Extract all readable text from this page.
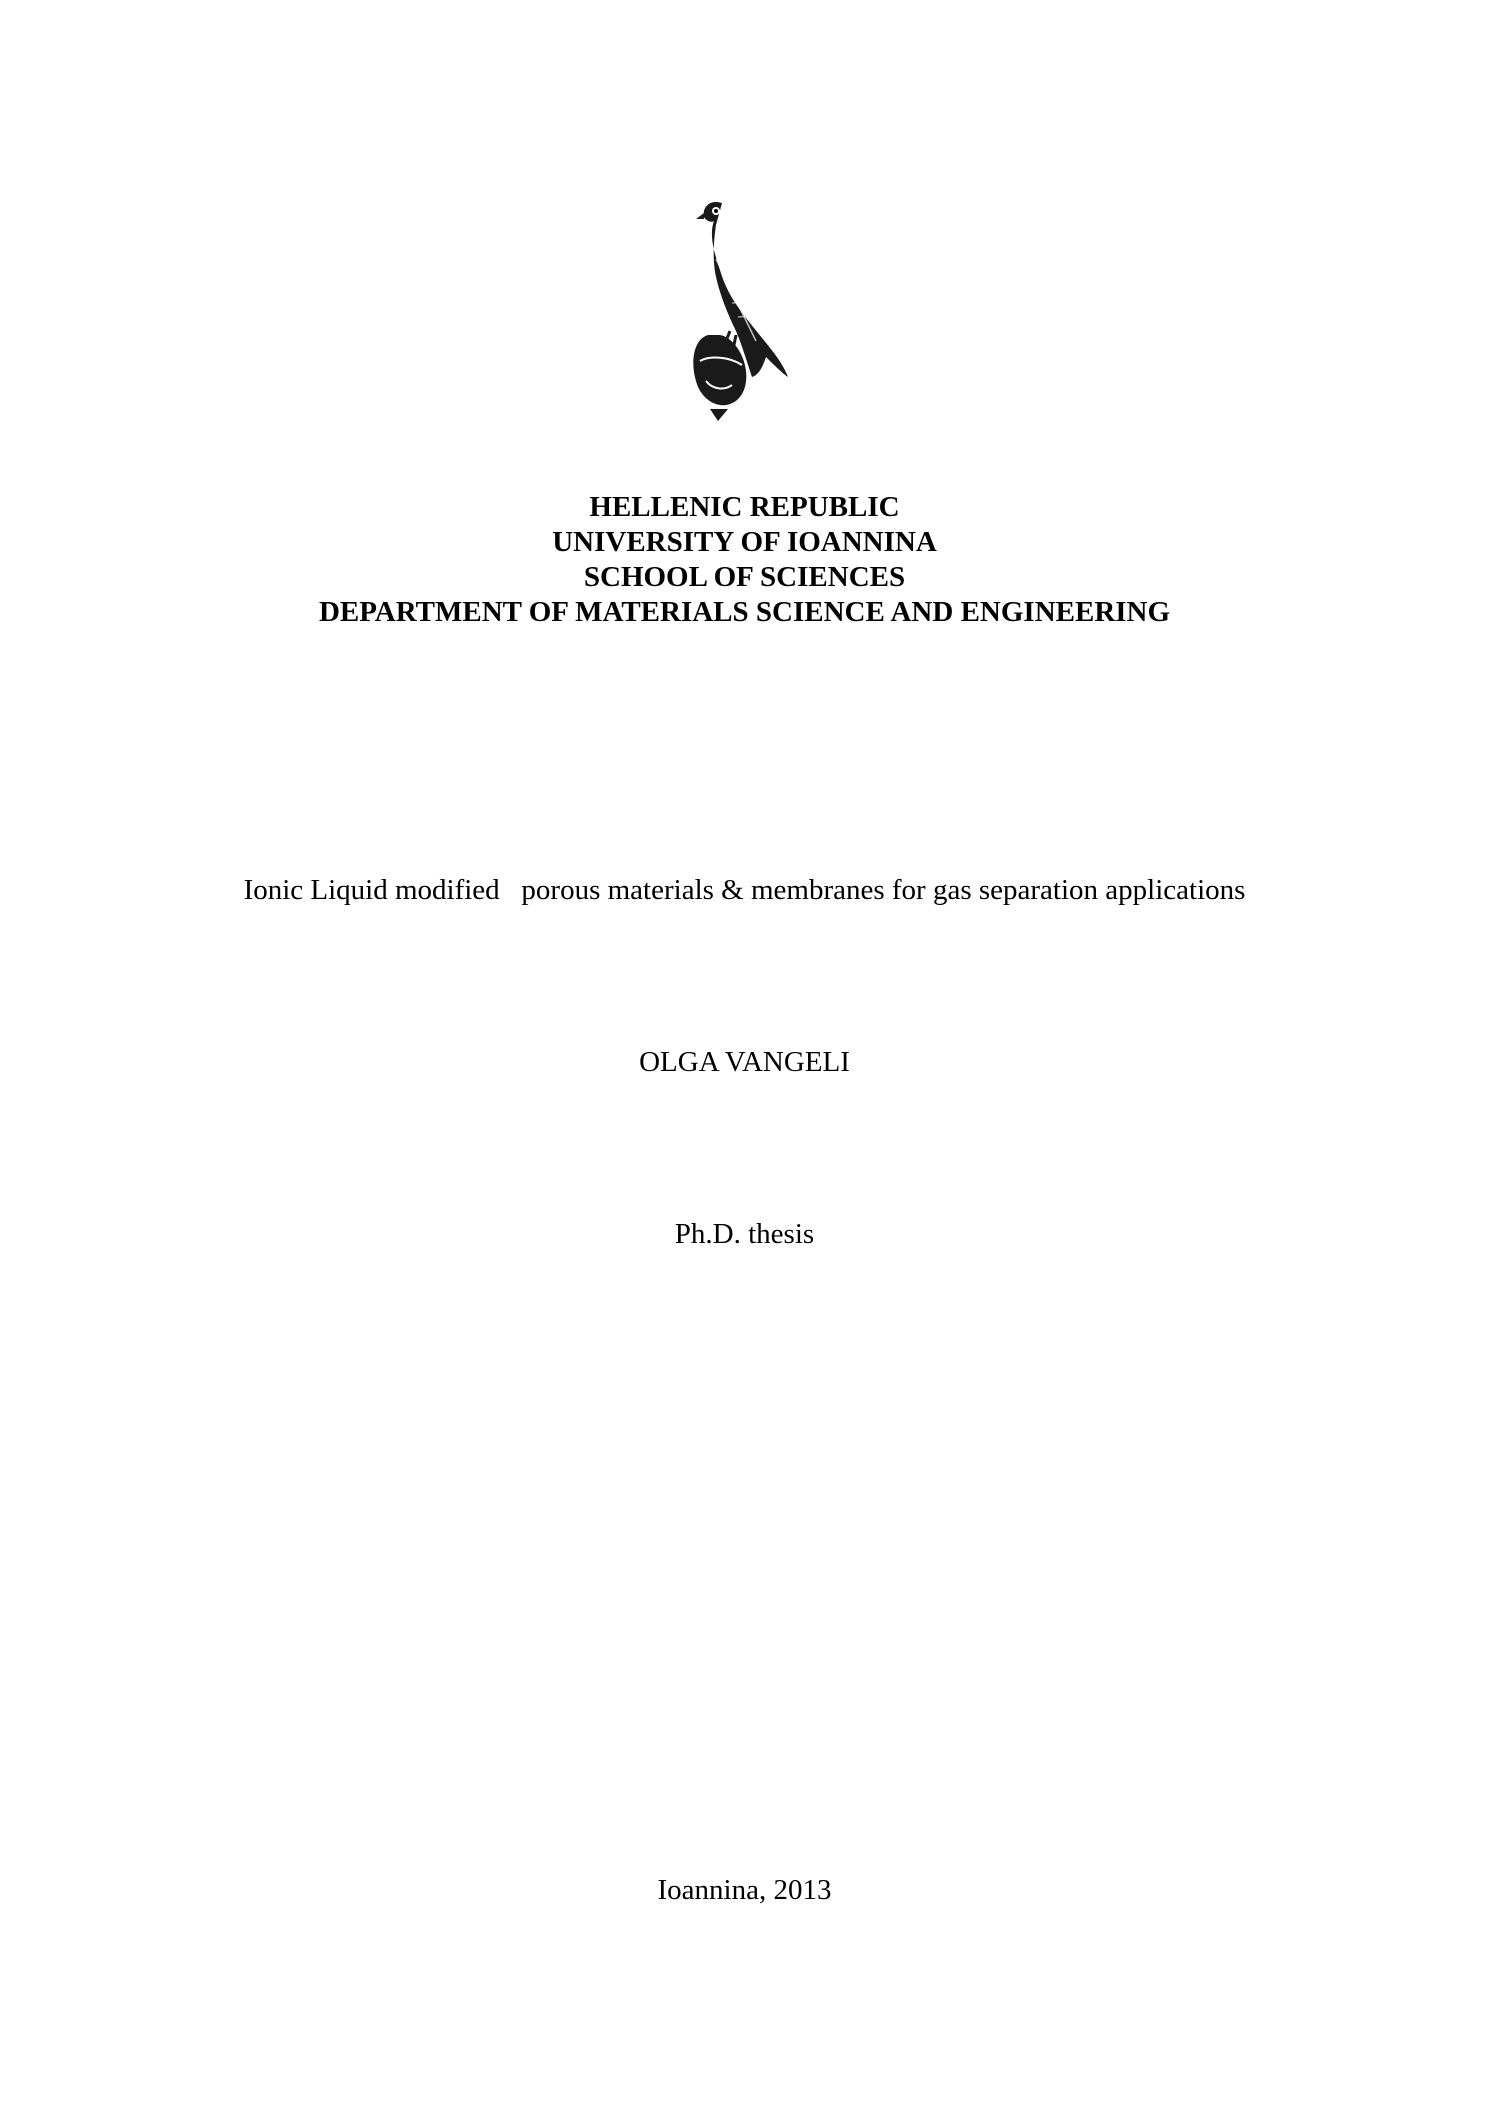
HELLENIC REPUBLIC
UNIVERSITY OF IOANNINA
SCHOOL OF SCIENCES
DEPARTMENT OF MATERIALS SCIENCE AND ENGINEERING
Ionic Liquid modified   porous materials & membranes for gas separation applications
OLGA VANGELI
Ph.D. thesis
Ioannina, 2013
